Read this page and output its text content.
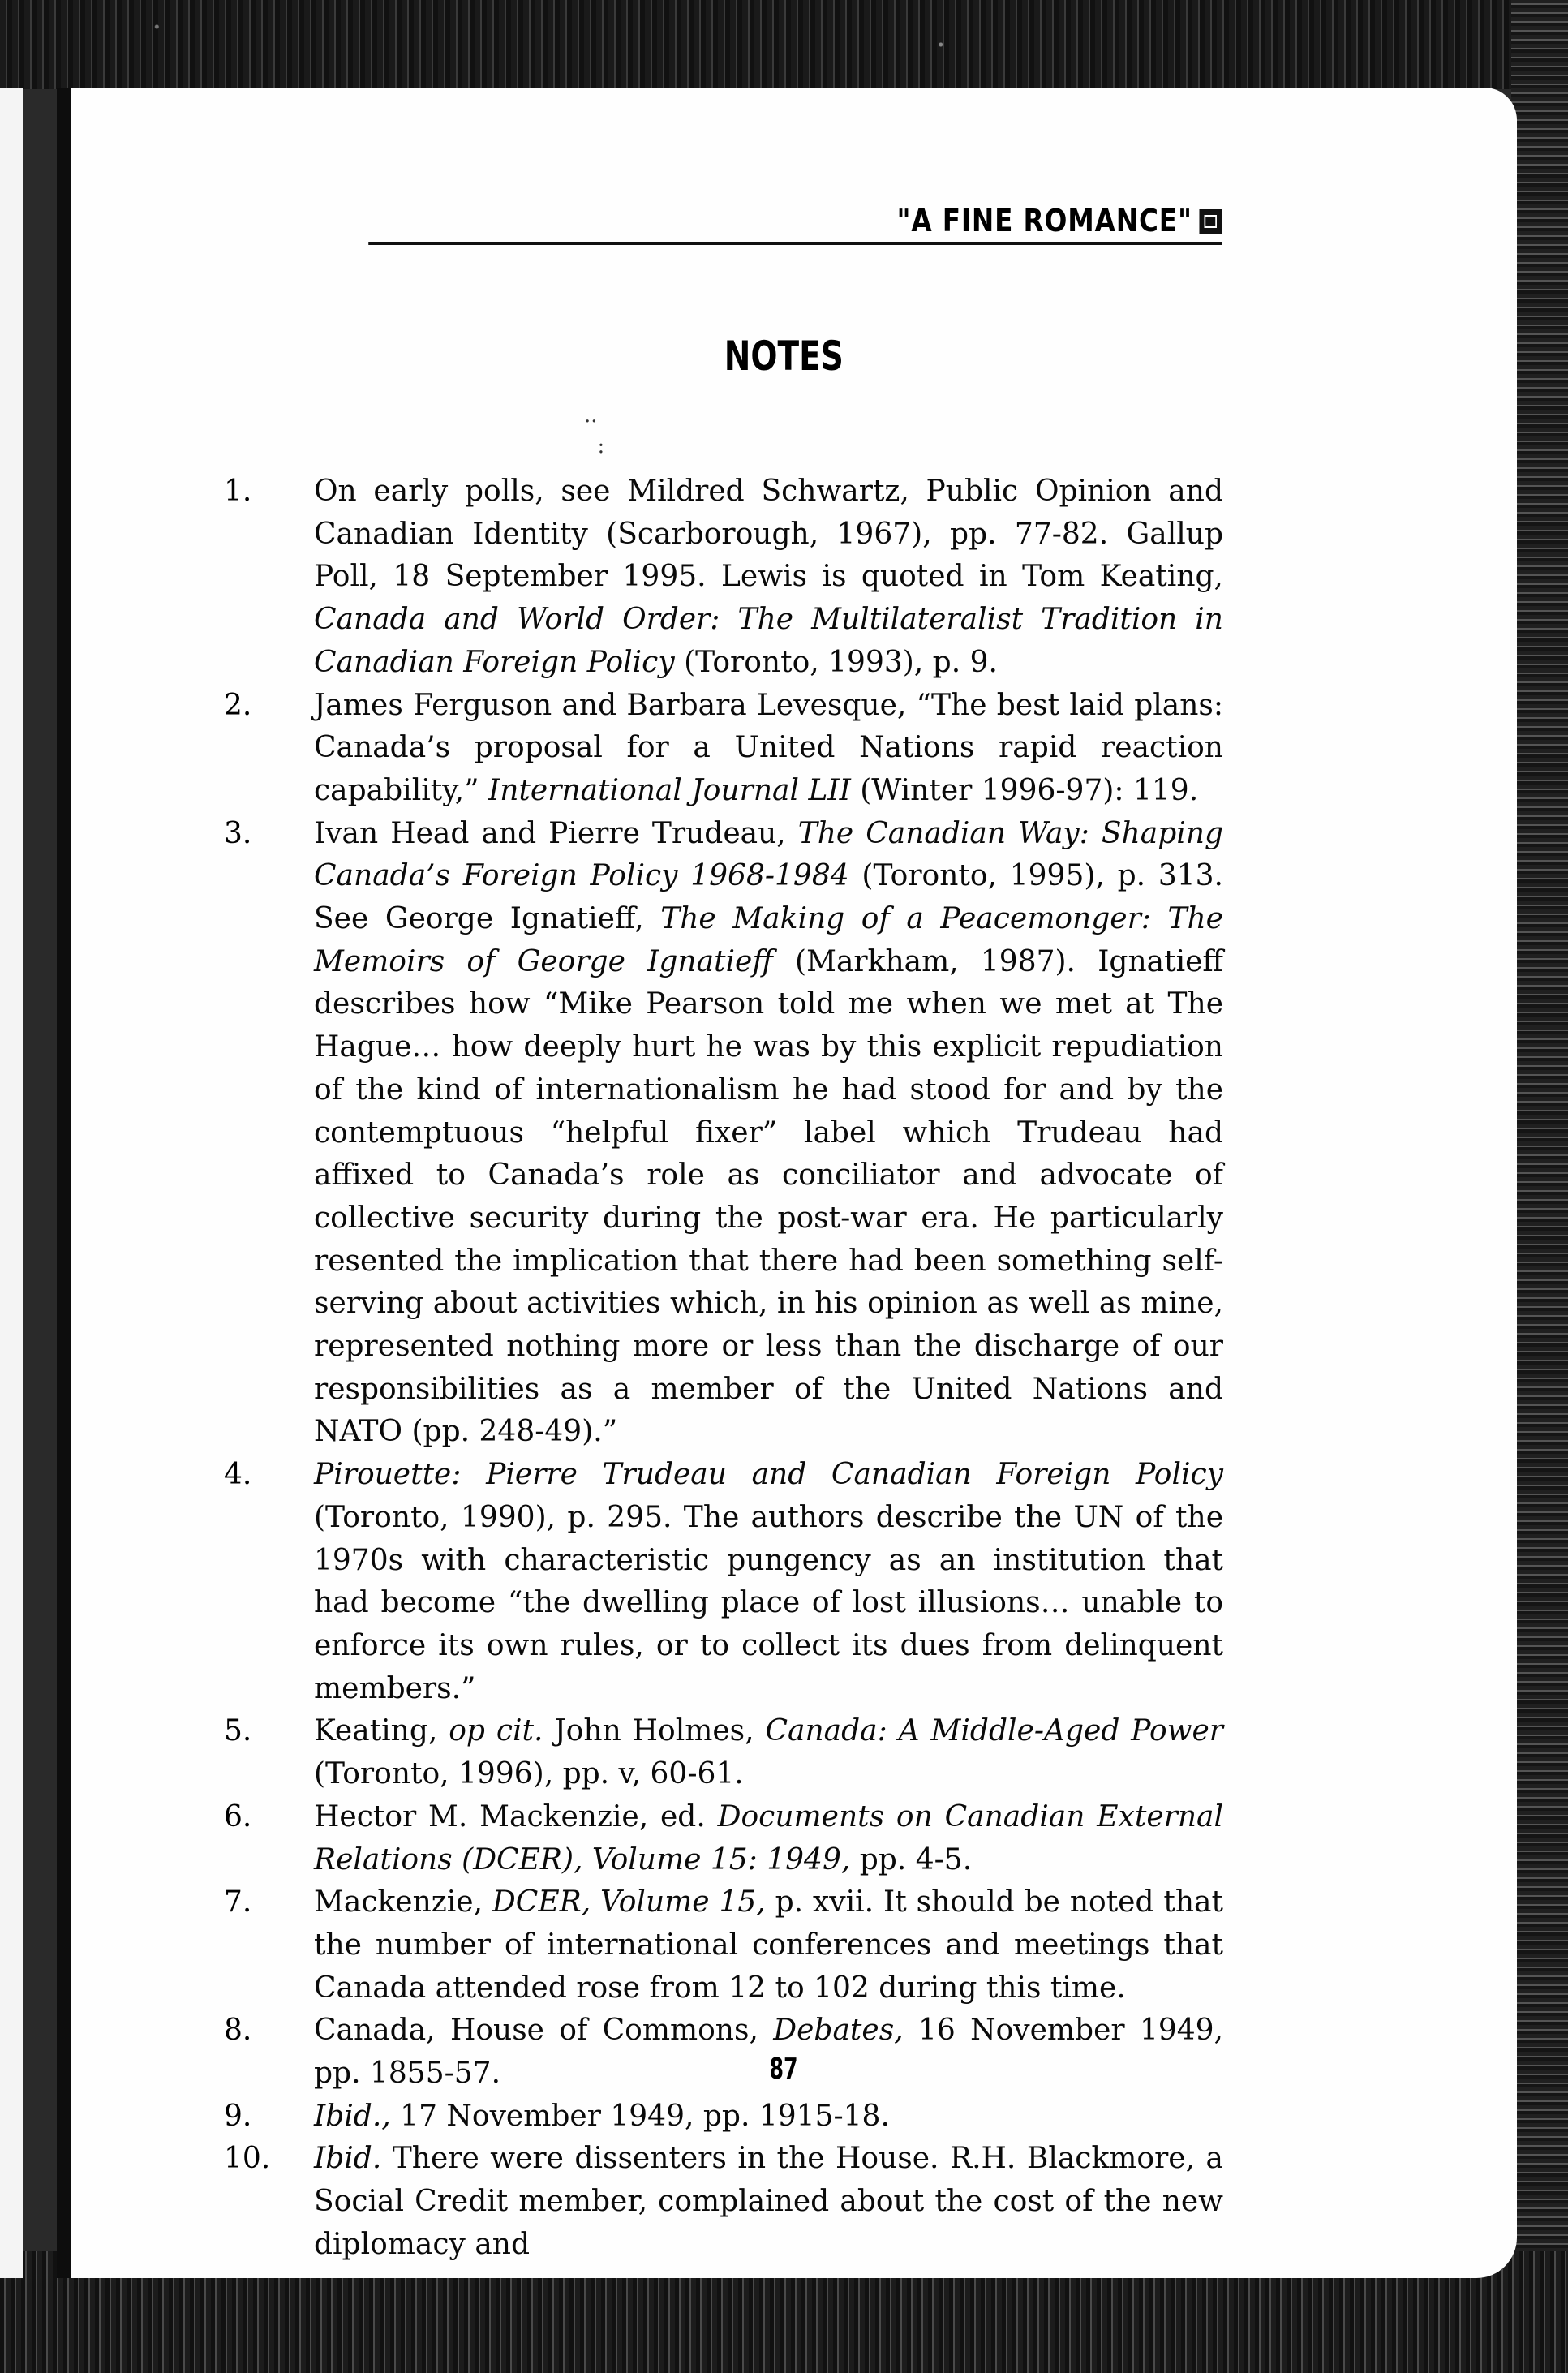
"A FINE ROMANCE"
NOTES
··
:
1. On early polls, see Mildred Schwartz, Public Opinion and Canadian Identity (Scarborough, 1967), pp. 77-82. Gallup Poll, 18 September 1995. Lewis is quoted in Tom Keating, Canada and World Order: The Multilateralist Tradition in Canadian Foreign Policy (Toronto, 1993), p. 9.

2. James Ferguson and Barbara Levesque, “The best laid plans: Canada’s proposal for a United Nations rapid reaction capability,” International Journal LII (Winter 1996-97): 119.

3. Ivan Head and Pierre Trudeau, The Canadian Way: Shaping Canada’s Foreign Policy 1968-1984 (Toronto, 1995), p. 313. See George Ignatieff, The Making of a Peacemonger: The Memoirs of George Ignatieff (Markham, 1987). Ignatieff describes how “Mike Pearson told me when we met at The Hague… how deeply hurt he was by this explicit repudiation of the kind of internationalism he had stood for and by the contemptuous “helpful fixer” label which Trudeau had affixed to Canada’s role as conciliator and advocate of collective security during the post-war era. He particularly resented the implication that there had been something self-serving about activities which, in his opinion as well as mine, represented nothing more or less than the discharge of our responsibilities as a member of the United Nations and NATO (pp. 248-49).”

4. Pirouette: Pierre Trudeau and Canadian Foreign Policy (Toronto, 1990), p. 295. The authors describe the UN of the 1970s with characteristic pungency as an institution that had become “the dwelling place of lost illusions… unable to enforce its own rules, or to collect its dues from delinquent members.”

5. Keating, op cit. John Holmes, Canada: A Middle-Aged Power (Toronto, 1996), pp. v, 60-61.

6. Hector M. Mackenzie, ed. Documents on Canadian External Relations (DCER), Volume 15: 1949, pp. 4-5.

7. Mackenzie, DCER, Volume 15, p. xvii. It should be noted that the number of international conferences and meetings that Canada attended rose from 12 to 102 during this time.

8. Canada, House of Commons, Debates, 16 November 1949, pp. 1855-57.

9. Ibid., 17 November 1949, pp. 1915-18.

10. Ibid. There were dissenters in the House. R.H. Blackmore, a Social Credit member, complained about the cost of the new diplomacy and

87
